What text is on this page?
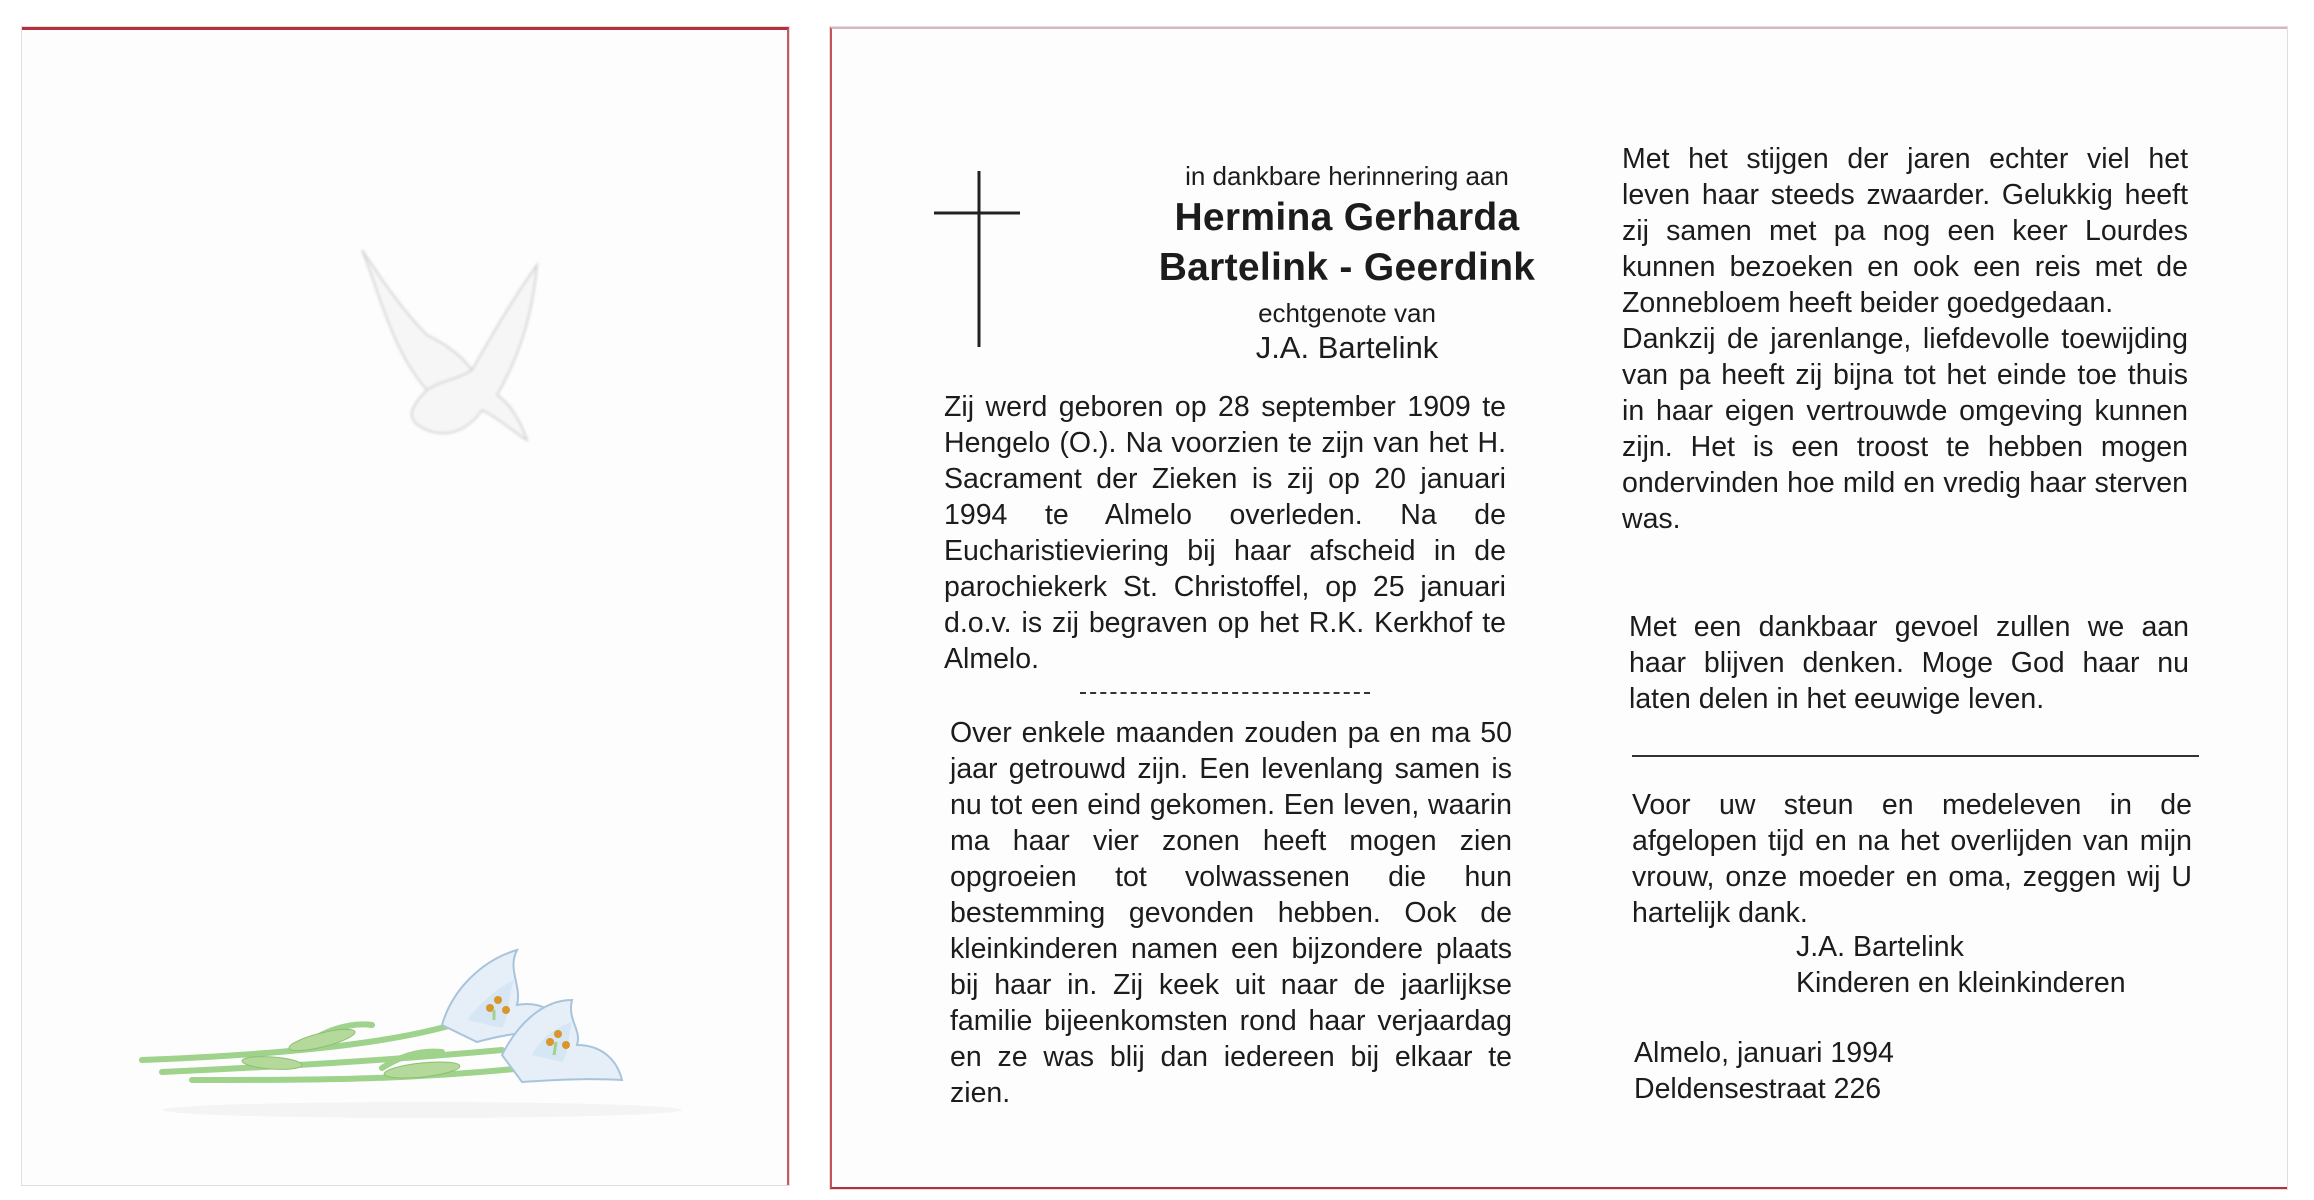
in dankbare herinnering aan
Hermina Gerharda
Bartelink - Geerdink
echtgenote van
J.A. Bartelink

Zij werd geboren op 28 september 1909 te Hengelo (O.). Na voorzien te zijn van het H. Sacrament der Zieken is zij op 20 januari 1994 te Almelo overleden. Na de Eucharistieviering bij haar afscheid in de parochiekerk St. Christoffel, op 25 januari d.o.v. is zij begraven op het R.K. Kerkhof te Almelo.

Over enkele maanden zouden pa en ma 50 jaar getrouwd zijn. Een levenlang samen is nu tot een eind gekomen. Een leven, waarin ma haar vier zonen heeft mogen zien opgroeien tot volwassenen die hun bestemming gevonden hebben. Ook de kleinkinderen namen een bijzondere plaats bij haar in. Zij keek uit naar de jaarlijkse familie bijeenkomsten rond haar verjaardag en ze was blij dan iedereen bij elkaar te zien.

Met het stijgen der jaren echter viel het leven haar steeds zwaarder. Gelukkig heeft zij samen met pa nog een keer Lourdes kunnen bezoeken en ook een reis met de Zonnebloem heeft beider goedgedaan.

Dankzij de jarenlange, liefdevolle toewijding van pa heeft zij bijna tot het einde toe thuis in haar eigen vertrouwde omgeving kunnen zijn. Het is een troost te hebben mogen ondervinden hoe mild en vredig haar sterven was.

Met een dankbaar gevoel zullen we aan haar blijven denken. Moge God haar nu laten delen in het eeuwige leven.

Voor uw steun en medeleven in de afgelopen tijd en na het overlijden van mijn vrouw, onze moeder en oma, zeggen wij U hartelijk dank.

J.A. Bartelink
Kinderen en kleinkinderen
Almelo, januari 1994
Deldensestraat 226
